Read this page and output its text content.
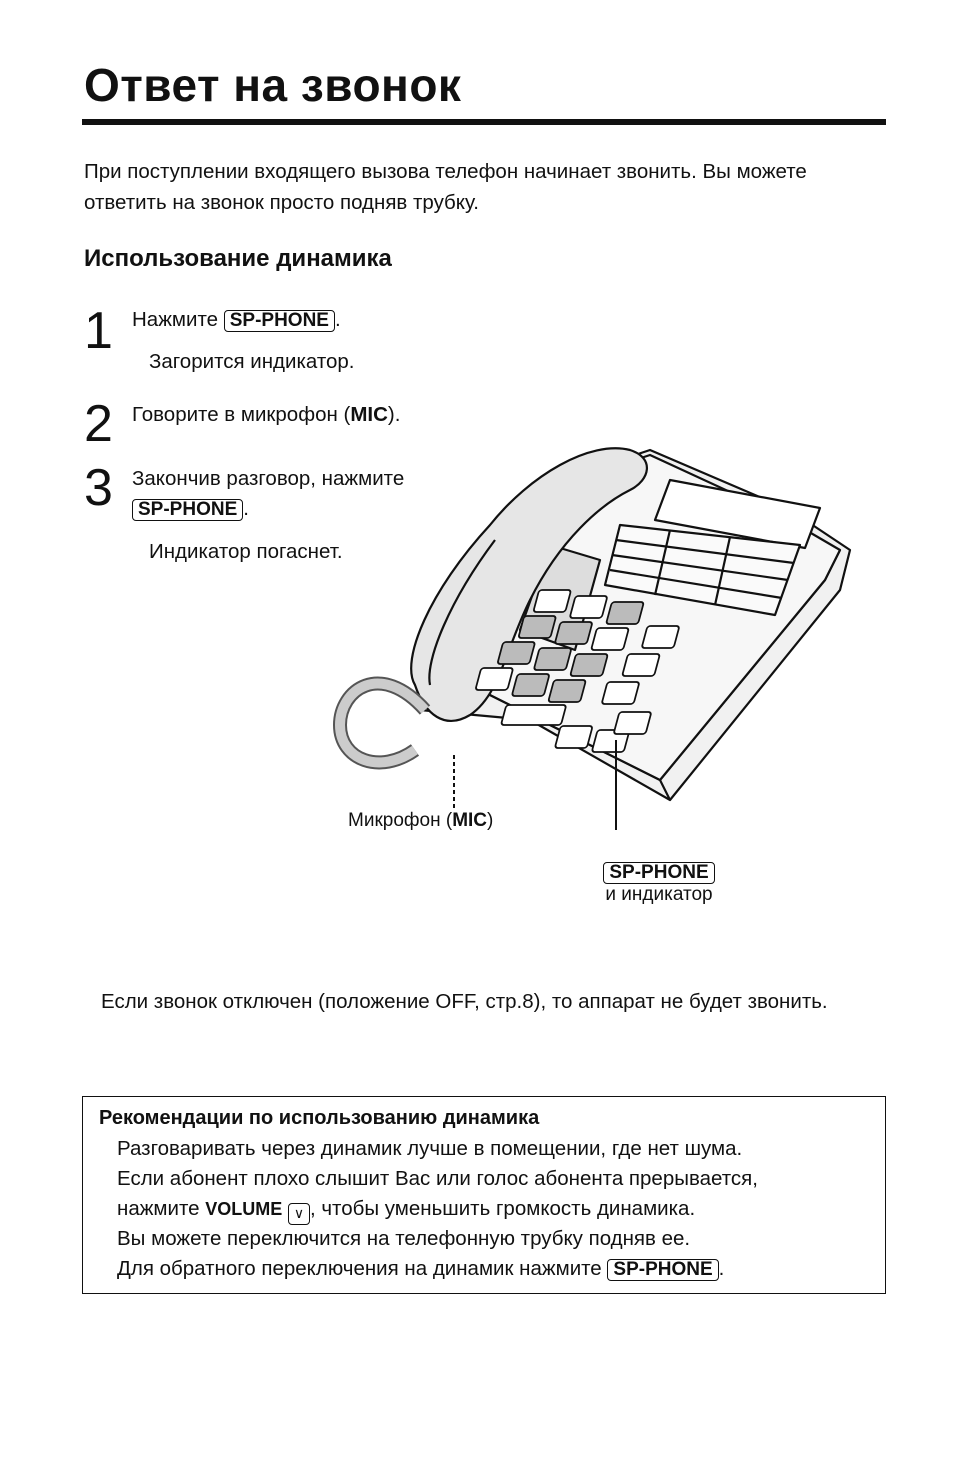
Ответ на звонок
При поступлении входящего вызова телефон начинает звонить. Вы можете ответить на звонок просто подняв трубку.
Использование динамика
1 Нажмите SP-PHONE .
Загорится индикатор.
2 Говорите в микрофон (MIC).
3 Закончив разговор, нажмите
SP-PHONE .
Индикатор погаснет.
Микрофон (MIC)
SP-PHONE
и индикатор
Если звонок отключен (положение OFF, стр.8), то аппарат не будет звонить.
Рекомендации по использованию динамика
Разговаривать через динамик лучше в помещении, где нет шума.
Если абонент плохо слышит Вас или голос абонента прерывается,
нажмите VOLUME ∨ , чтобы уменьшить громкость динамика.
Вы можете переключится на телефонную трубку подняв ее.
Для обратного переключения на динамик нажмите SP-PHONE .
